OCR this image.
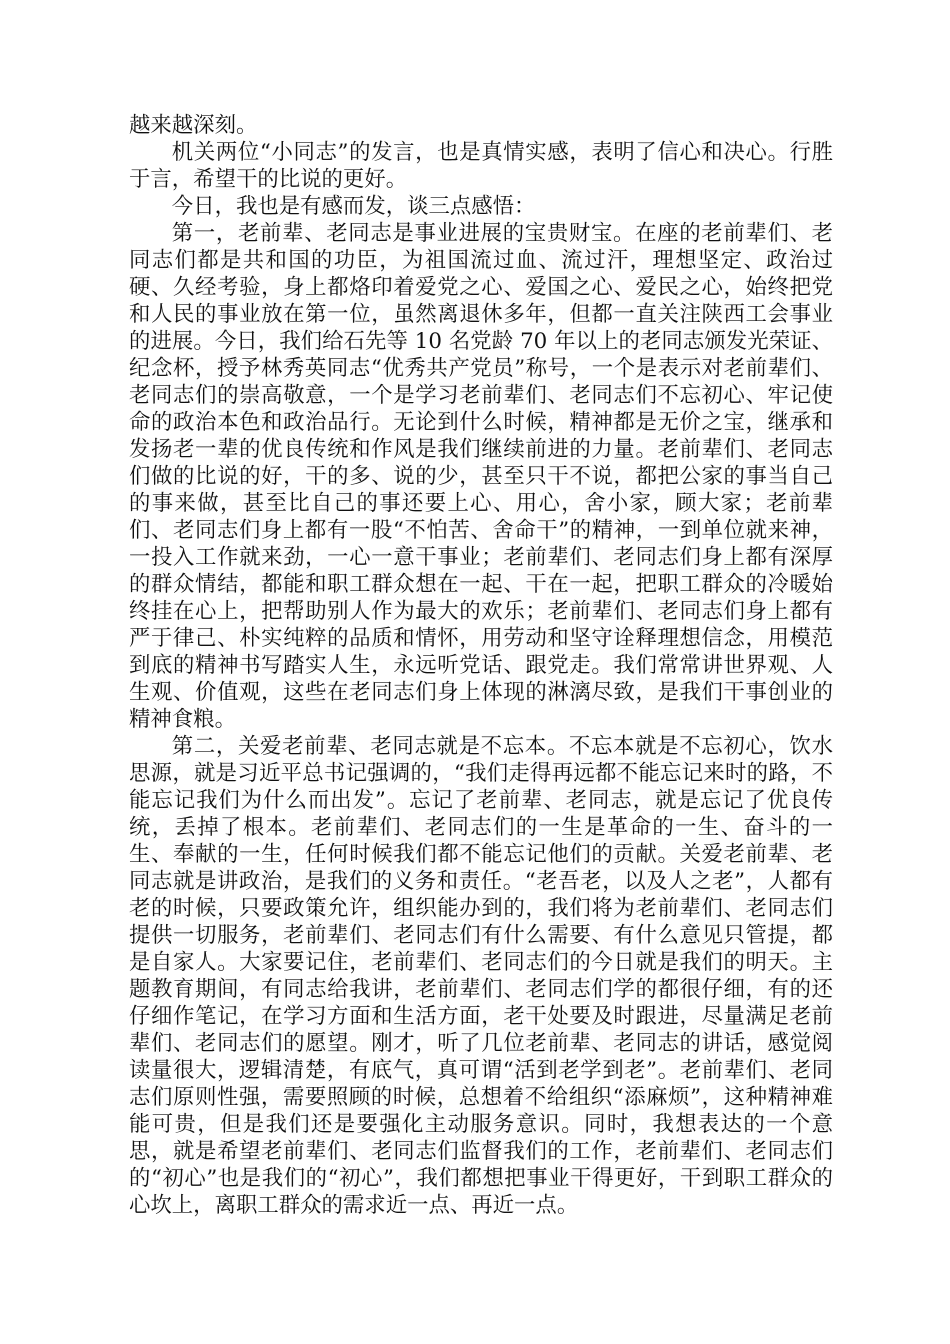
越来越深刻。

机关两位“小同志”的发言，也是真情实感，表明了信心和决心。行胜于言，希望干的比说的更好。

今日，我也是有感而发，谈三点感悟：

第一，老前辈、老同志是事业进展的宝贵财宝。在座的老前辈们、老同志们都是共和国的功臣，为祖国流过血、流过汗，理想坚定、政治过硬、久经考验，身上都烙印着爱党之心、爱国之心、爱民之心，始终把党和人民的事业放在第一位，虽然离退休多年，但都一直关注陕西工会事业的进展。今日，我们给石先等 10 名党龄 70 年以上的老同志颁发光荣证、纪念杯，授予林秀英同志“优秀共产党员”称号，一个是表示对老前辈们、老同志们的崇高敬意，一个是学习老前辈们、老同志们不忘初心、牢记使命的政治本色和政治品行。无论到什么时候，精神都是无价之宝，继承和发扬老一辈的优良传统和作风是我们继续前进的力量。老前辈们、老同志们做的比说的好，干的多、说的少，甚至只干不说，都把公家的事当自己的事来做，甚至比自己的事还要上心、用心，舍小家，顾大家；老前辈们、老同志们身上都有一股“不怕苦、舍命干”的精神，一到单位就来神，一投入工作就来劲，一心一意干事业；老前辈们、老同志们身上都有深厚的群众情结，都能和职工群众想在一起、干在一起，把职工群众的冷暖始终挂在心上，把帮助别人作为最大的欢乐；老前辈们、老同志们身上都有严于律己、朴实纯粹的品质和情怀，用劳动和坚守诠释理想信念，用模范到底的精神书写踏实人生，永远听党话、跟党走。我们常常讲世界观、人生观、价值观，这些在老同志们身上体现的淋漓尽致，是我们干事创业的精神食粮。

第二，关爱老前辈、老同志就是不忘本。不忘本就是不忘初心，饮水思源，就是习近平总书记强调的，“我们走得再远都不能忘记来时的路，不能忘记我们为什么而出发”。忘记了老前辈、老同志，就是忘记了优良传统，丢掉了根本。老前辈们、老同志们的一生是革命的一生、奋斗的一生、奉献的一生，任何时候我们都不能忘记他们的贡献。关爱老前辈、老同志就是讲政治，是我们的义务和责任。“老吾老，以及人之老”，人都有老的时候，只要政策允许，组织能办到的，我们将为老前辈们、老同志们提供一切服务，老前辈们、老同志们有什么需要、有什么意见只管提，都是自家人。大家要记住，老前辈们、老同志们的今日就是我们的明天。主题教育期间，有同志给我讲，老前辈们、老同志们学的都很仔细，有的还仔细作笔记，在学习方面和生活方面，老干处要及时跟进，尽量满足老前辈们、老同志们的愿望。刚才，听了几位老前辈、老同志的讲话，感觉阅读量很大，逻辑清楚，有底气，真可谓“活到老学到老”。老前辈们、老同志们原则性强，需要照顾的时候，总想着不给组织“添麻烦”，这种精神难能可贵，但是我们还是要强化主动服务意识。同时，我想表达的一个意思，就是希望老前辈们、老同志们监督我们的工作，老前辈们、老同志们的“初心”也是我们的“初心”，我们都想把事业干得更好，干到职工群众的心坎上，离职工群众的需求近一点、再近一点。
